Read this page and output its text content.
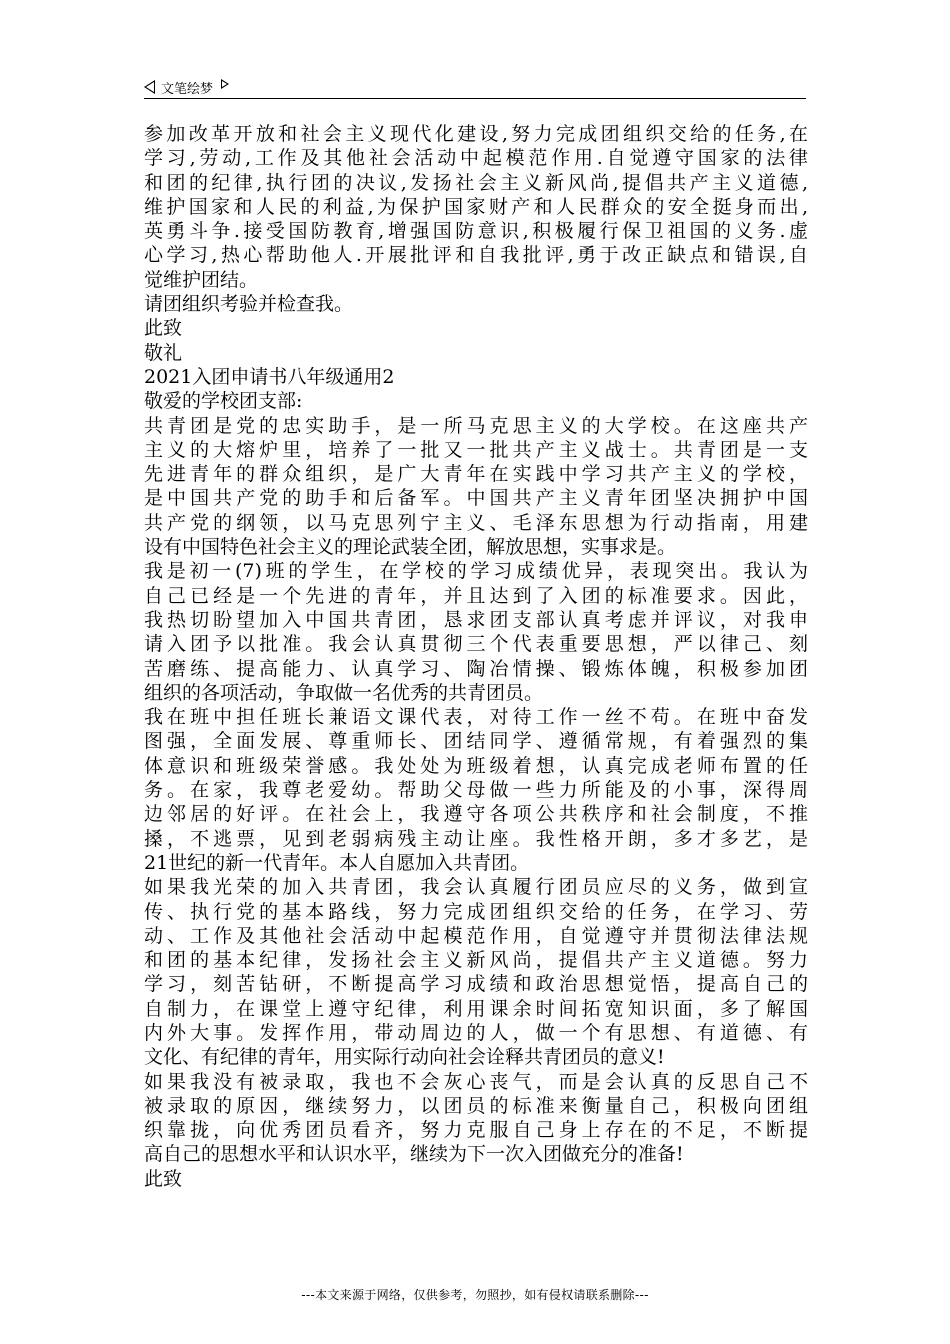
文笔绘梦
参加改革开放和社会主义现代化建设,努力完成团组织交给的任务,在
学习,劳动,工作及其他社会活动中起模范作用.自觉遵守国家的法律
和团的纪律,执行团的决议,发扬社会主义新风尚,提倡共产主义道德,
维护国家和人民的利益,为保护国家财产和人民群众的安全挺身而出,
英勇斗争.接受国防教育,增强国防意识,积极履行保卫祖国的义务.虚
心学习,热心帮助他人.开展批评和自我批评,勇于改正缺点和错误,自
觉维护团结。
请团组织考验并检查我。
此致
敬礼
2021入团申请书八年级通用2
敬爱的学校团支部:
共青团是党的忠实助手，是一所马克思主义的大学校。在这座共产
主义的大熔炉里，培养了一批又一批共产主义战士。共青团是一支
先进青年的群众组织，是广大青年在实践中学习共产主义的学校，
是中国共产党的助手和后备军。中国共产主义青年团坚决拥护中国
共产党的纲领，以马克思列宁主义、毛泽东思想为行动指南，用建
设有中国特色社会主义的理论武装全团，解放思想，实事求是。
我是初一(7)班的学生，在学校的学习成绩优异，表现突出。我认为
自己已经是一个先进的青年，并且达到了入团的标准要求。因此，
我热切盼望加入中国共青团，恳求团支部认真考虑并评议，对我申
请入团予以批准。我会认真贯彻三个代表重要思想，严以律己、刻
苦磨练、提高能力、认真学习、陶冶情操、锻炼体魄，积极参加团
组织的各项活动，争取做一名优秀的共青团员。
我在班中担任班长兼语文课代表，对待工作一丝不苟。在班中奋发
图强，全面发展、尊重师长、团结同学、遵循常规，有着强烈的集
体意识和班级荣誉感。我处处为班级着想，认真完成老师布置的任
务。在家，我尊老爱幼。帮助父母做一些力所能及的小事，深得周
边邻居的好评。在社会上，我遵守各项公共秩序和社会制度，不推
搡，不逃票，见到老弱病残主动让座。我性格开朗，多才多艺，是
21世纪的新一代青年。本人自愿加入共青团。
如果我光荣的加入共青团，我会认真履行团员应尽的义务，做到宣
传、执行党的基本路线，努力完成团组织交给的任务，在学习、劳
动、工作及其他社会活动中起模范作用，自觉遵守并贯彻法律法规
和团的基本纪律，发扬社会主义新风尚，提倡共产主义道德。努力
学习，刻苦钻研，不断提高学习成绩和政治思想觉悟，提高自己的
自制力，在课堂上遵守纪律，利用课余时间拓宽知识面，多了解国
内外大事。发挥作用，带动周边的人，做一个有思想、有道德、有
文化、有纪律的青年，用实际行动向社会诠释共青团员的意义!
如果我没有被录取，我也不会灰心丧气，而是会认真的反思自己不
被录取的原因，继续努力，以团员的标准来衡量自己，积极向团组
织靠拢，向优秀团员看齐，努力克服自己身上存在的不足，不断提
高自己的思想水平和认识水平，继续为下一次入团做充分的准备!
此致
---本文来源于网络，仅供参考，勿照抄，如有侵权请联系删除---
